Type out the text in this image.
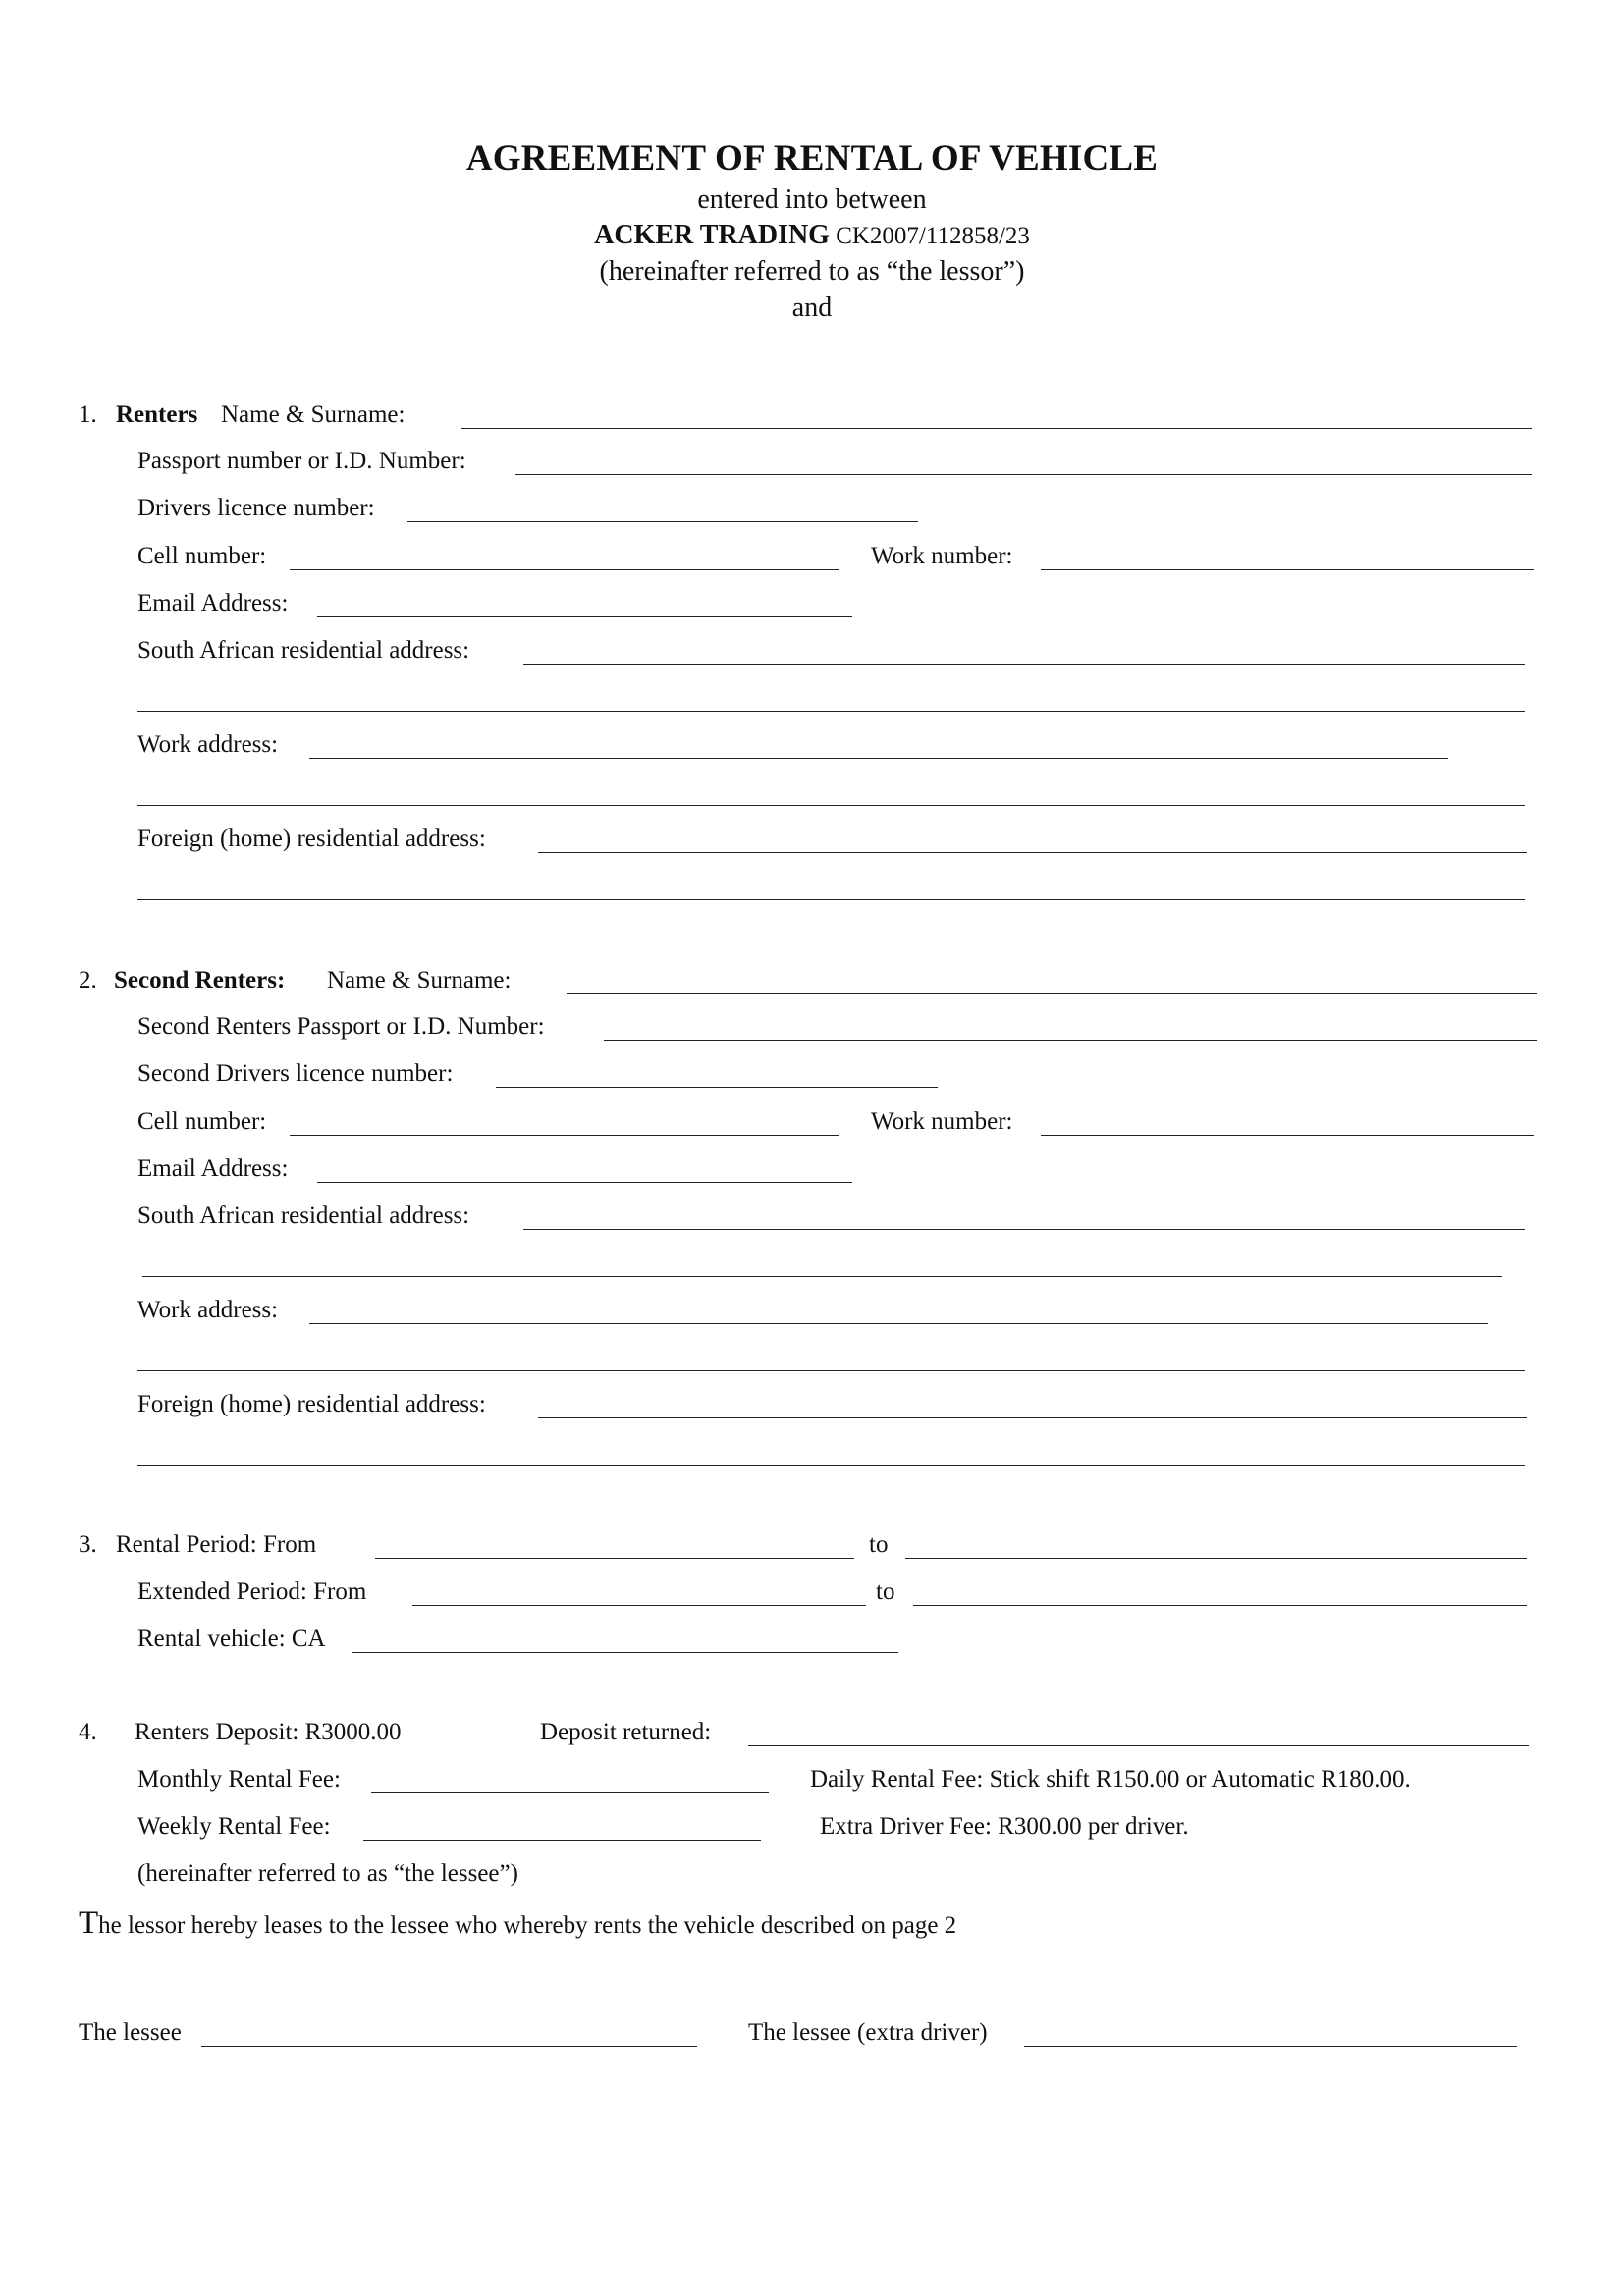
AGREEMENT OF RENTAL OF VEHICLE
entered into between
ACKER TRADING CK2007/112858/23
(hereinafter referred to as “the lessor”)
and
1. Renters Name & Surname:
Passport number or I.D. Number:
Drivers licence number:
Cell number:	Work number:
Email Address:
South African residential address:
Work address:
Foreign (home) residential address:
2. Second Renters: Name & Surname:
Second Renters Passport or I.D. Number:
Second Drivers licence number:
Cell number:	Work number:
Email Address:
South African residential address:
Work address:
Foreign (home) residential address:
3. Rental Period: From	to
Extended Period: From	to
Rental vehicle: CA
4. Renters Deposit: R3000.00	Deposit returned:
Monthly Rental Fee:	Daily Rental Fee: Stick shift R150.00 or Automatic R180.00.
Weekly Rental Fee:	Extra Driver Fee: R300.00 per driver.
(hereinafter referred to as “the lessee”)
The lessor hereby leases to the lessee who whereby rents the vehicle described on page 2
The lessee	The lessee (extra driver)
